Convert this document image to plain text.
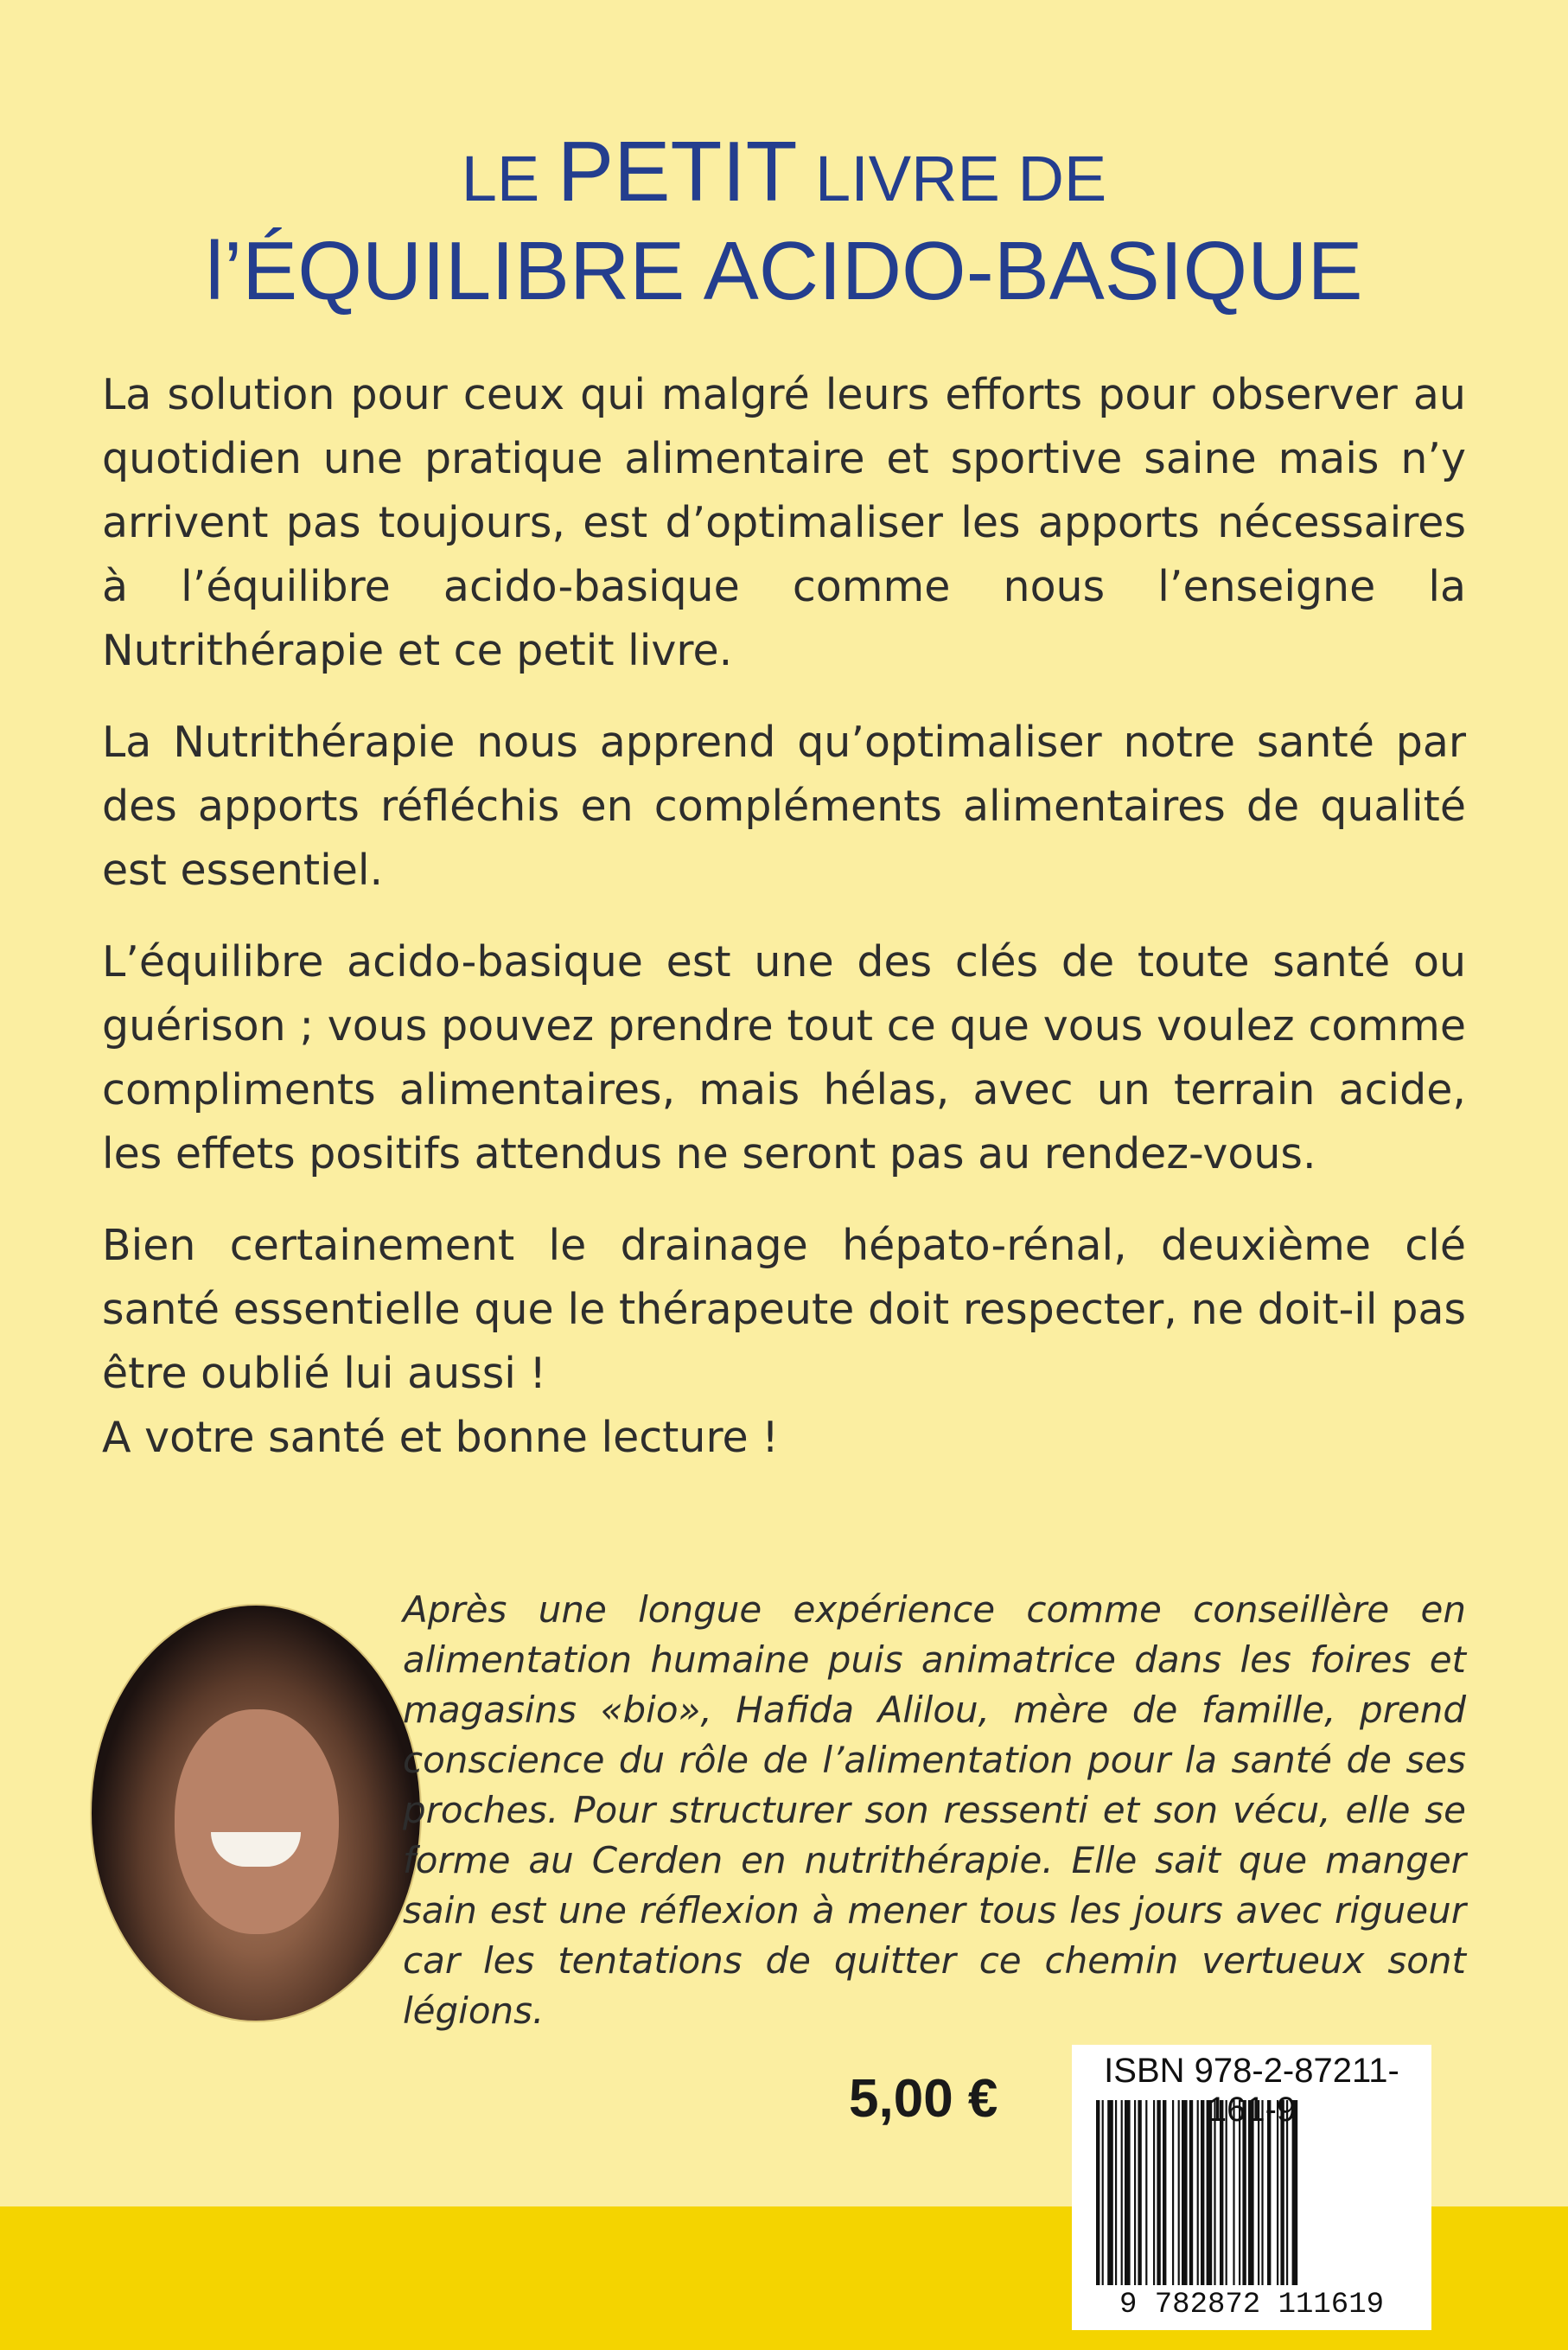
LE PETIT LIVRE DE
l’ÉQUILIBRE ACIDO-BASIQUE

La solution pour ceux qui malgré leurs efforts pour observer au quotidien une pratique alimentaire et sportive saine mais n’y arrivent pas toujours, est d’optimaliser les apports nécessaires à l’équilibre acido-basique comme nous l’enseigne la Nutrithérapie et ce petit livre.

La Nutrithérapie nous apprend qu’optimaliser notre santé par des apports réfléchis en compléments alimentaires de qualité est essentiel.

L’équilibre acido-basique est une des clés de toute santé ou guérison ; vous pouvez prendre tout ce que vous voulez comme compliments alimentaires, mais hélas, avec un terrain acide, les effets positifs attendus ne seront pas au rendez-vous.

Bien certainement le drainage hépato-rénal, deuxième clé santé essentielle que le thérapeute doit respecter, ne doit-il pas être oublié lui aussi !

A votre santé et bonne lecture !

Après une longue expérience comme conseillère en alimentation humaine puis animatrice dans les foires et magasins «bio», Hafida Alilou, mère de famille, prend conscience du rôle de l’alimentation pour la santé de ses proches. Pour structurer son ressenti et son vécu, elle se forme au Cerden en nutrithérapie. Elle sait que manger sain est une réflexion à mener tous les jours avec rigueur car les tentations de quitter ce chemin vertueux sont légions.
5,00 €	ISBN 978-2-87211-161-9
9 782872 111619
